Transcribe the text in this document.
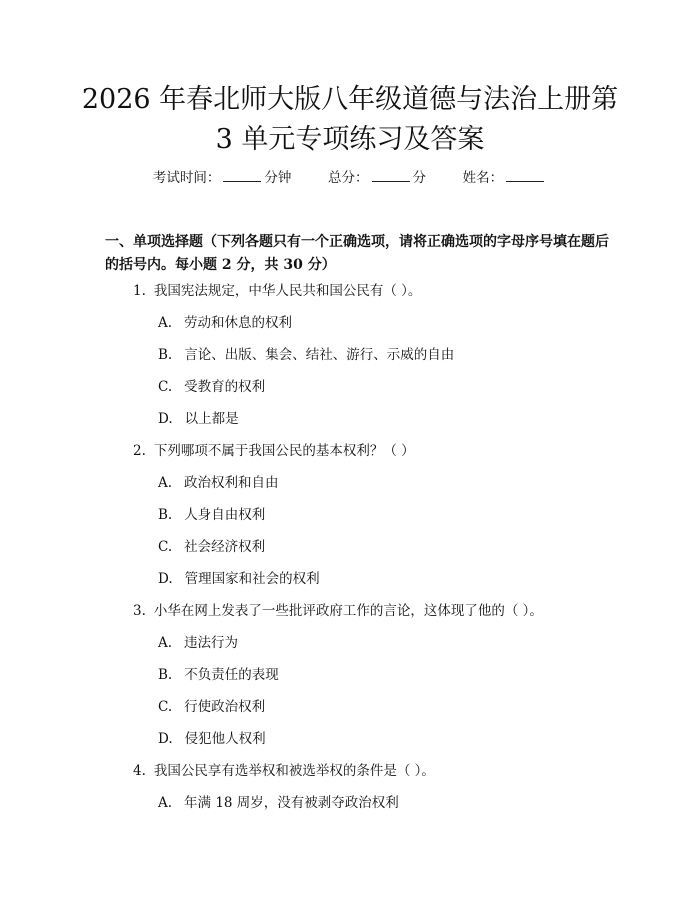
2026 年春北师大版八年级道德与法治上册第
3 单元专项练习及答案
考试时间：	分钟	总分：	分	姓名：

一、单项选择题（下列各题只有一个正确选项，请将正确选项的字母序号填在题后的括号内。每小题 2 分，共 30 分）

1. 我国宪法规定，中华人民共和国公民有（ ）。
A. 劳动和休息的权利
B. 言论、出版、集会、结社、游行、示威的自由
C. 受教育的权利
D. 以上都是
2. 下列哪项不属于我国公民的基本权利？（ ）
A. 政治权利和自由
B. 人身自由权利
C. 社会经济权利
D. 管理国家和社会的权利
3. 小华在网上发表了一些批评政府工作的言论，这体现了他的（ ）。
A. 违法行为
B. 不负责任的表现
C. 行使政治权利
D. 侵犯他人权利
4. 我国公民享有选举权和被选举权的条件是（ ）。
A. 年满 18 周岁，没有被剥夺政治权利
